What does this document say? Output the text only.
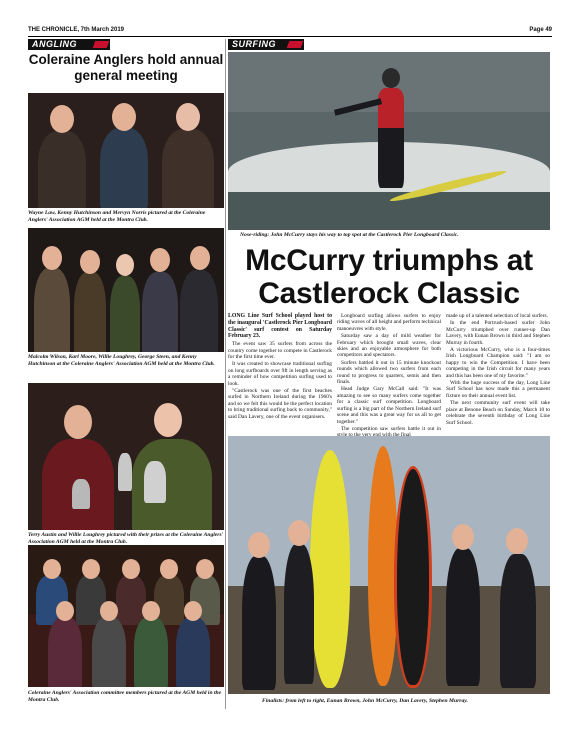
THE CHRONICLE, 7th March 2019	Page 49
ANGLING	SURFING
Coleraine Anglers hold annual general meeting
Wayne Law, Kenny Hutchinson and Mervyn Norris pictured at the Coleraine Anglers' Association AGM held at the Montra Club.
Malcolm Wilson, Karl Moore, Willie Loughrey, George Steen, and Kenny Hutchinson at the Coleraine Anglers' Association AGM held at the Montra Club.
Terry Austin and Willie Loughrey pictured with their prizes at the Coleraine Anglers' Association AGM held at the Montra Club.
Coleraine Anglers' Association committee members pictured at the AGM held in the Montra Club.
Nose-riding: John McCurry stays his way to top spot at the Castlerock Pier Longboard Classic.
McCurry triumphs at Castlerock Classic

LONG Line Surf School played host to the inaugural 'Castlerock Pier Longboard Classic' surf contest on Saturday February 23.

The event saw 35 surfers from across the country come together to compete in Castlerock for the first time ever.

It was created to showcase traditional surfing on long surfboards over 9ft in length serving as a reminder of how competition surfing used to look.

"Castlerock was one of the first beaches surfed in Northern Ireland during the 1960's and so we felt this would be the perfect location to bring traditional surfing back to community," said Dan Lavery, one of the event organisers.

Longboard surfing allows surfers to enjoy riding waves of all height and perform technical manoeuvres with style.

Saturday saw a day of mild weather for February which brought small waves, clear skies and an enjoyable atmosphere for both competitors and spectators.

Surfers battled it out in 15 minute knockout rounds which allowed two surfers from each round to progress to quarters, semis and then finals.

Head Judge Gary McCall said: "It was amazing to see so many surfers come together for a classic surf competition. Longboard surfing is a big part of the Northern Ireland surf scene and this was a great way for us all to get together."

The competition saw surfers battle it out in

made up of a talented selection of local surfers.

In the end Portrush-based surfer John McCurry triumphed over runner-up Dan Lavery, with Eunan Brown in third and Stephen Murray in fourth.

A victorious McCurry, who is a four-times Irish Longboard Champion said: "I am so happy to win the Competition. I have been competing in the Irish circuit for many years and this has been one of my favorite."

With the huge success of the day, Long Line Surf School has now made this a permanent fixture on their annual event list.

The next community surf event will take place at Benone Beach on Sunday, March 10 to celebrate the seventh birthday of Long Line Surf School.

Finalists: from left to right, Eunan Brown, John McCurry, Dan Lavery, Stephen Murray.
